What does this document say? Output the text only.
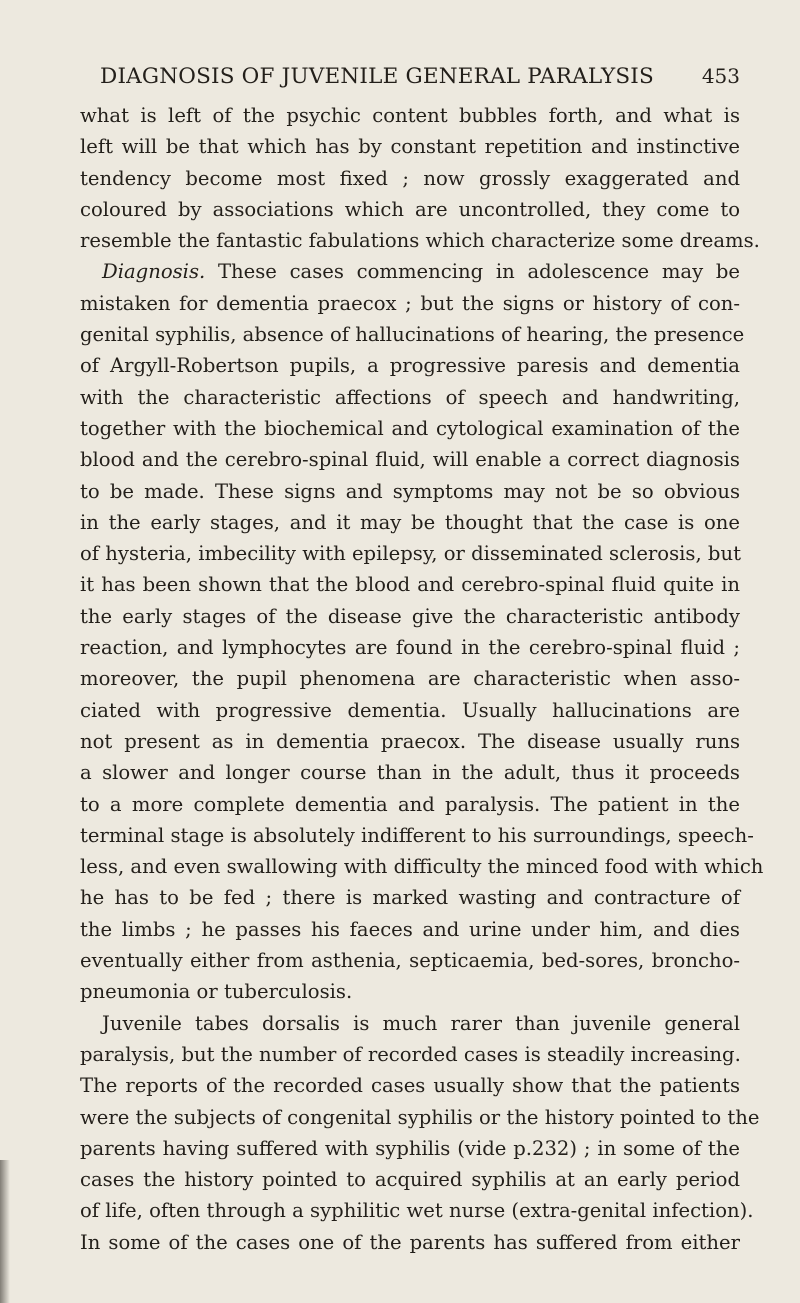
DIAGNOSIS OF JUVENILE GENERAL PARALYSIS 453
what is left of the psychic content bubbles forth, and what is
left will be that which has by constant repetition and instinctive
tendency become most fixed ; now grossly exaggerated and
coloured by associations which are uncontrolled, they come to
resemble the fantastic fabulations which characterize some dreams.
Diagnosis. These cases commencing in adolescence may be
mistaken for dementia praecox ; but the signs or history of con-
genital syphilis, absence of hallucinations of hearing, the presence
of Argyll-Robertson pupils, a progressive paresis and dementia
with the characteristic affections of speech and handwriting,
together with the biochemical and cytological examination of the
blood and the cerebro-spinal fluid, will enable a correct diagnosis
to be made. These signs and symptoms may not be so obvious
in the early stages, and it may be thought that the case is one
of hysteria, imbecility with epilepsy, or disseminated sclerosis, but
it has been shown that the blood and cerebro-spinal fluid quite in
the early stages of the disease give the characteristic antibody
reaction, and lymphocytes are found in the cerebro-spinal fluid ;
moreover, the pupil phenomena are characteristic when asso-
ciated with progressive dementia. Usually hallucinations are
not present as in dementia praecox. The disease usually runs
a slower and longer course than in the adult, thus it proceeds
to a more complete dementia and paralysis. The patient in the
terminal stage is absolutely indifferent to his surroundings, speech-
less, and even swallowing with difficulty the minced food with which
he has to be fed ; there is marked wasting and contracture of
the limbs ; he passes his faeces and urine under him, and dies
eventually either from asthenia, septicaemia, bed-sores, broncho-
pneumonia or tuberculosis.
Juvenile tabes dorsalis is much rarer than juvenile general
paralysis, but the number of recorded cases is steadily increasing.
The reports of the recorded cases usually show that the patients
were the subjects of congenital syphilis or the history pointed to the
parents having suffered with syphilis (vide p.232) ; in some of the
cases the history pointed to acquired syphilis at an early period
of life, often through a syphilitic wet nurse (extra-genital infection).
In some of the cases one of the parents has suffered from either
